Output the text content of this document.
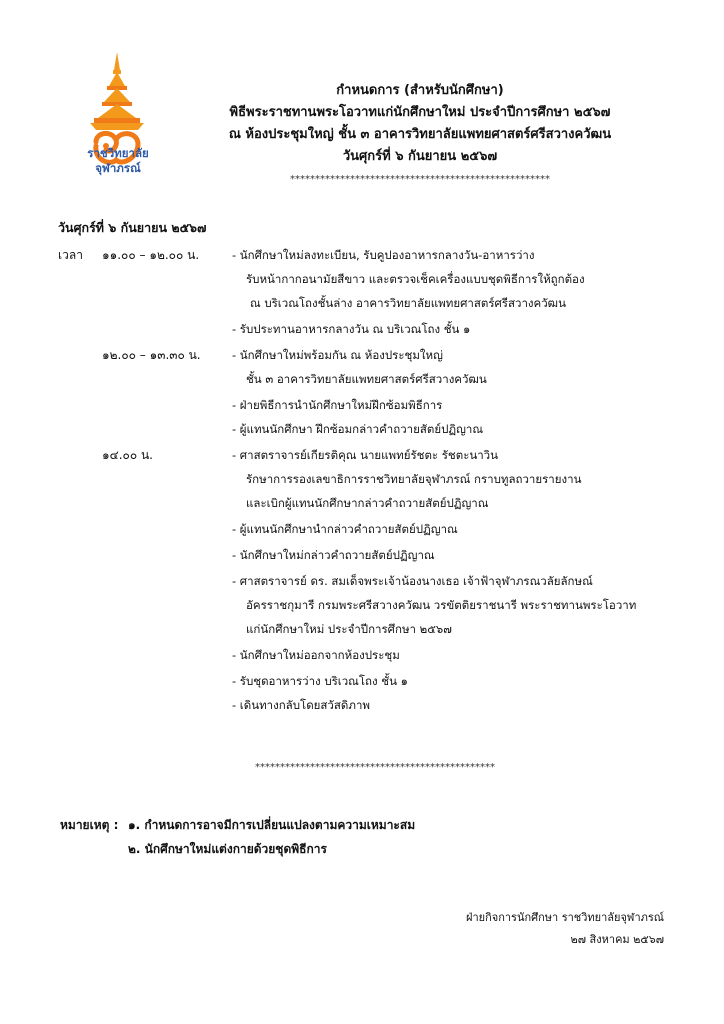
ราชวิทยาลัย
จุฬาภรณ์
กำหนดการ (สำหรับนักศึกษา)
พิธีพระราชทานพระโอวาทแก่นักศึกษาใหม่ ประจำปีการศึกษา ๒๕๖๗
ณ ห้องประชุมใหญ่ ชั้น ๓ อาคารวิทยาลัยแพทยศาสตร์ศรีสวางควัฒน
วันศุกร์ที่ ๖ กันยายน ๒๕๖๗
****************************************************
วันศุกร์ที่ ๖ กันยายน ๒๕๖๗
เวลา ๑๑.๐๐ – ๑๒.๐๐ น.
๑๒.๐๐ – ๑๓.๓๐ น.
๑๔.๐๐ น.
- นักศึกษาใหม่ลงทะเบียน, รับคูปองอาหารกลางวัน-อาหารว่าง
รับหน้ากากอนามัยสีขาว และตรวจเช็คเครื่องแบบชุดพิธีการให้ถูกต้อง
ณ บริเวณโถงชั้นล่าง อาคารวิทยาลัยแพทยศาสตร์ศรีสวางควัฒน
- รับประทานอาหารกลางวัน ณ บริเวณโถง ชั้น ๑
- นักศึกษาใหม่พร้อมกัน ณ ห้องประชุมใหญ่
ชั้น ๓ อาคารวิทยาลัยแพทยศาสตร์ศรีสวางควัฒน
- ฝ่ายพิธีการนำนักศึกษาใหม่ฝึกซ้อมพิธีการ
- ผู้แทนนักศึกษา ฝึกซ้อมกล่าวคำถวายสัตย์ปฏิญาณ
- ศาสตราจารย์เกียรติคุณ นายแพทย์รัชตะ รัชตะนาวิน
รักษาการรองเลขาธิการราชวิทยาลัยจุฬาภรณ์ กราบทูลถวายรายงาน
และเบิกผู้แทนนักศึกษากล่าวคำถวายสัตย์ปฏิญาณ
- ผู้แทนนักศึกษานำกล่าวคำถวายสัตย์ปฏิญาณ
- นักศึกษาใหม่กล่าวคำถวายสัตย์ปฏิญาณ
- ศาสตราจารย์ ดร. สมเด็จพระเจ้าน้องนางเธอ เจ้าฟ้าจุฬาภรณวลัยลักษณ์
อัครราชกุมารี กรมพระศรีสวางควัฒน วรขัตติยราชนารี พระราชทานพระโอวาท
แก่นักศึกษาใหม่ ประจำปีการศึกษา ๒๕๖๗
- นักศึกษาใหม่ออกจากห้องประชุม
- รับชุดอาหารว่าง บริเวณโถง ชั้น ๑
- เดินทางกลับโดยสวัสดิภาพ
************************************************
หมายเหตุ : ๑. กำหนดการอาจมีการเปลี่ยนแปลงตามความเหมาะสม
๒. นักศึกษาใหม่แต่งกายด้วยชุดพิธีการ
ฝ่ายกิจการนักศึกษา ราชวิทยาลัยจุฬาภรณ์
๒๗ สิงหาคม ๒๕๖๗
